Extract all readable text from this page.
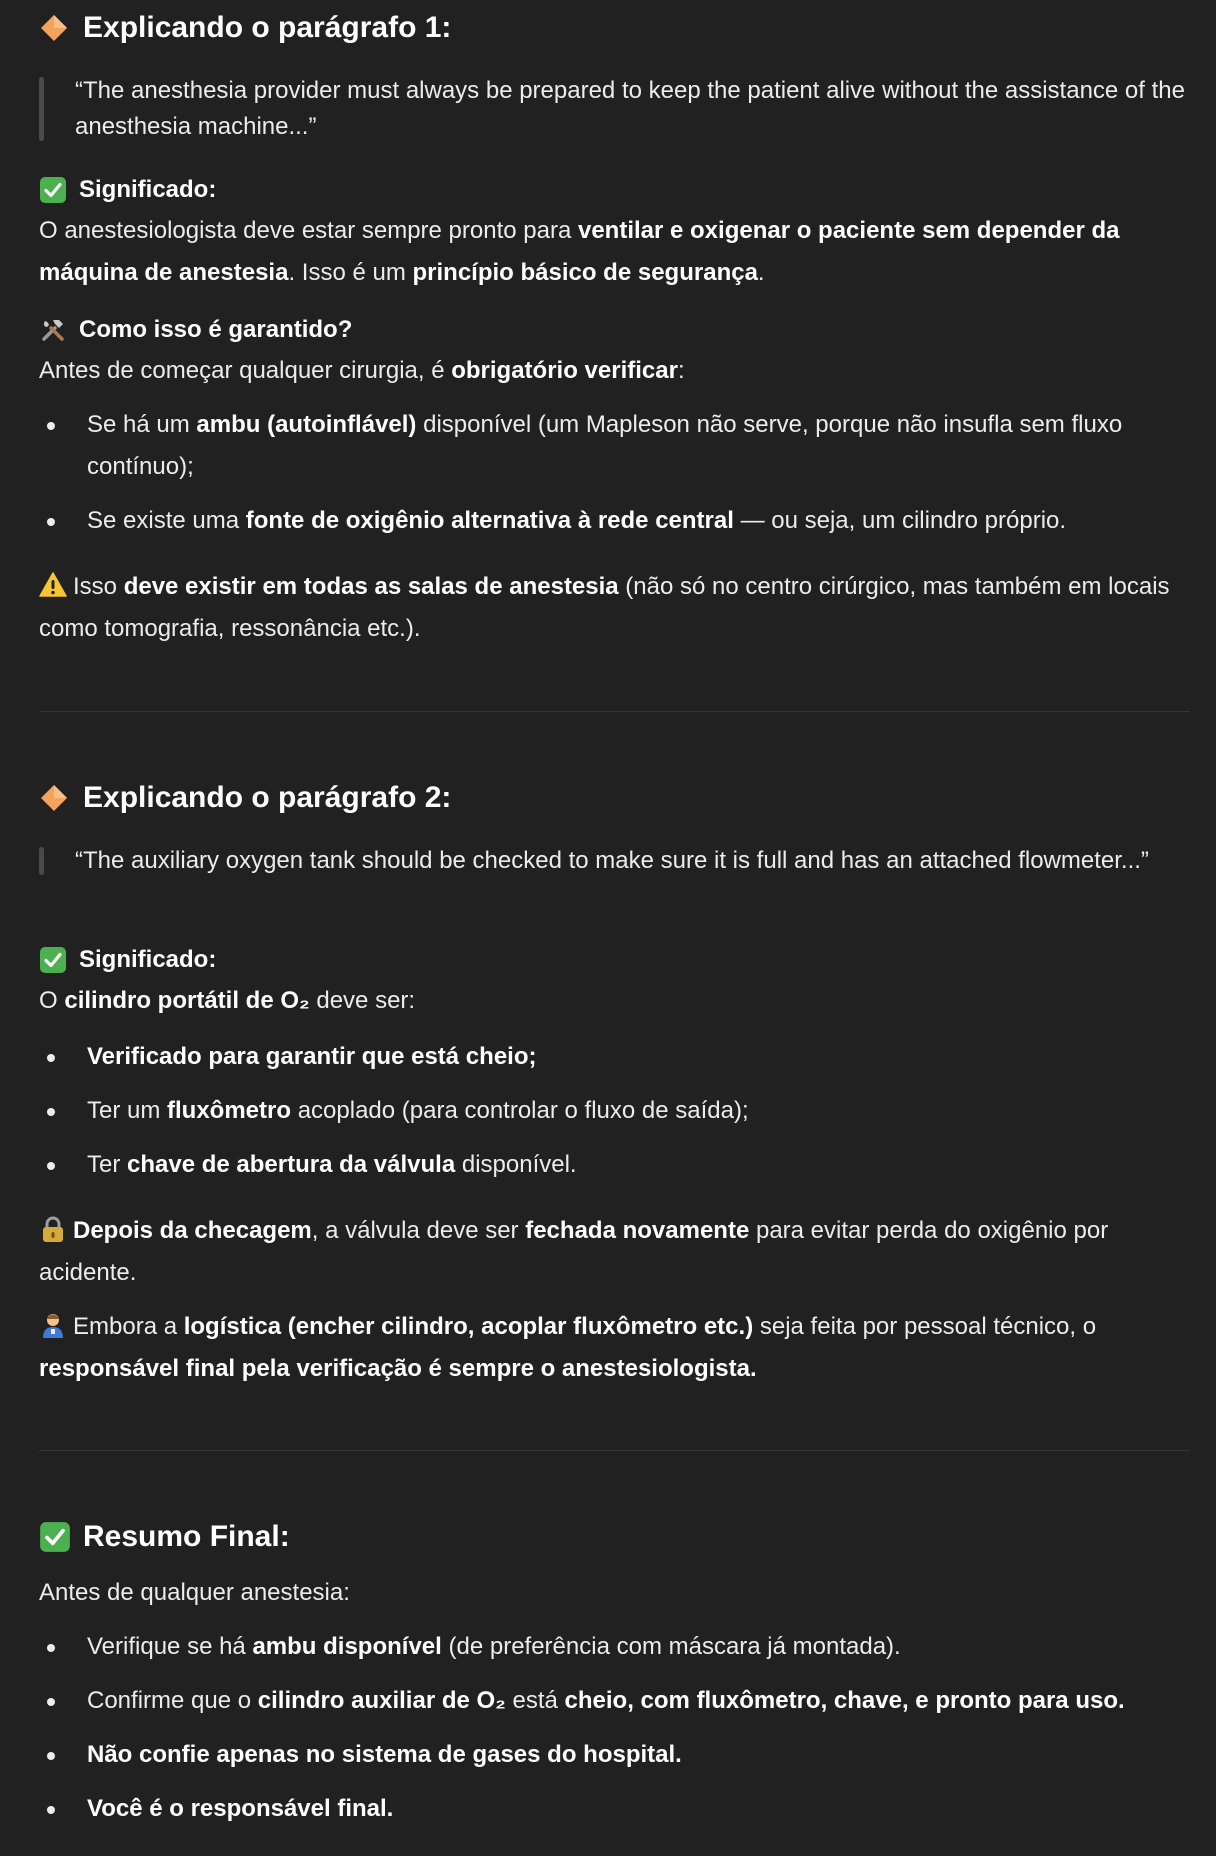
Explicando o parágrafo 1:

“The anesthesia provider must always be prepared to keep the patient alive without the assistance of the anesthesia machine...”

Significado:

O anestesiologista deve estar sempre pronto para ventilar e oxigenar o paciente sem depender da máquina de anestesia. Isso é um princípio básico de segurança.

Como isso é garantido?

Antes de começar qualquer cirurgia, é obrigatório verificar:

Se há um ambu (autoinflável) disponível (um Mapleson não serve, porque não insufla sem fluxo contínuo);
Se existe uma fonte de oxigênio alternativa à rede central — ou seja, um cilindro próprio.

Isso deve existir em todas as salas de anestesia (não só no centro cirúrgico, mas também em locais como tomografia, ressonância etc.).

Explicando o parágrafo 2:

“The auxiliary oxygen tank should be checked to make sure it is full and has an attached flowmeter...”

Significado:

O cilindro portátil de O₂ deve ser:

Verificado para garantir que está cheio;
Ter um fluxômetro acoplado (para controlar o fluxo de saída);
Ter chave de abertura da válvula disponível.

Depois da checagem, a válvula deve ser fechada novamente para evitar perda do oxigênio por acidente.

Embora a logística (encher cilindro, acoplar fluxômetro etc.) seja feita por pessoal técnico, o responsável final pela verificação é sempre o anestesiologista.

Resumo Final:

Antes de qualquer anestesia:

Verifique se há ambu disponível (de preferência com máscara já montada).
Confirme que o cilindro auxiliar de O₂ está cheio, com fluxômetro, chave, e pronto para uso.
Não confie apenas no sistema de gases do hospital.
Você é o responsável final.
